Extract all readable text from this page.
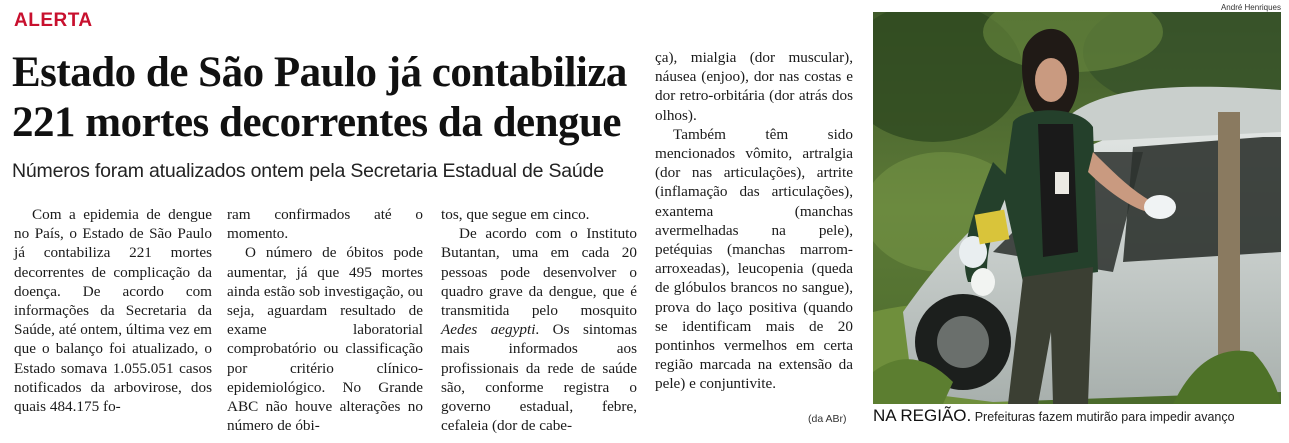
ALERTA
Estado de São Paulo já contabiliza 221 mortes decorrentes da dengue
Números foram atualizados ontem pela Secretaria Estadual de Saúde

Com a epidemia de dengue no País, o Estado de São Paulo já contabiliza 221 mortes decorrentes de complicação da doença. De acordo com informações da Secretaria da Saúde, até ontem, última vez em que o balanço foi atualizado, o Estado somava 1.055.051 casos notificados da arbovirose, dos quais 484.175 fo-

ram confirmados até o momento.

O número de óbitos pode aumentar, já que 495 mortes ainda estão sob investigação, ou seja, aguardam resultado de exame laboratorial comprobatório ou classificação por critério clínico-epidemiológico. No Grande ABC não houve alterações no número de óbi-

tos, que segue em cinco.

De acordo com o Instituto Butantan, uma em cada 20 pessoas pode desenvolver o quadro grave da dengue, que é transmitida pelo mosquito Aedes aegypti. Os sintomas mais informados aos profissionais da rede de saúde são, conforme registra o governo estadual, febre, cefaleia (dor de cabe-

ça), mialgia (dor muscular), náusea (enjoo), dor nas costas e dor retro-orbitária (dor atrás dos olhos).

Também têm sido mencionados vômito, artralgia (dor nas articulações), artrite (inflamação das articulações), exantema (manchas avermelhadas na pele), petéquias (manchas marrom-arroxeadas), leucopenia (queda de glóbulos brancos no sangue), prova do laço positiva (quando se identificam mais de 20 pontinhos vermelhos em certa região marcada na extensão da pele) e conjuntivite.

(da ABr)
André Henriques
NA REGIÃO. Prefeituras fazem mutirão para impedir avanço
